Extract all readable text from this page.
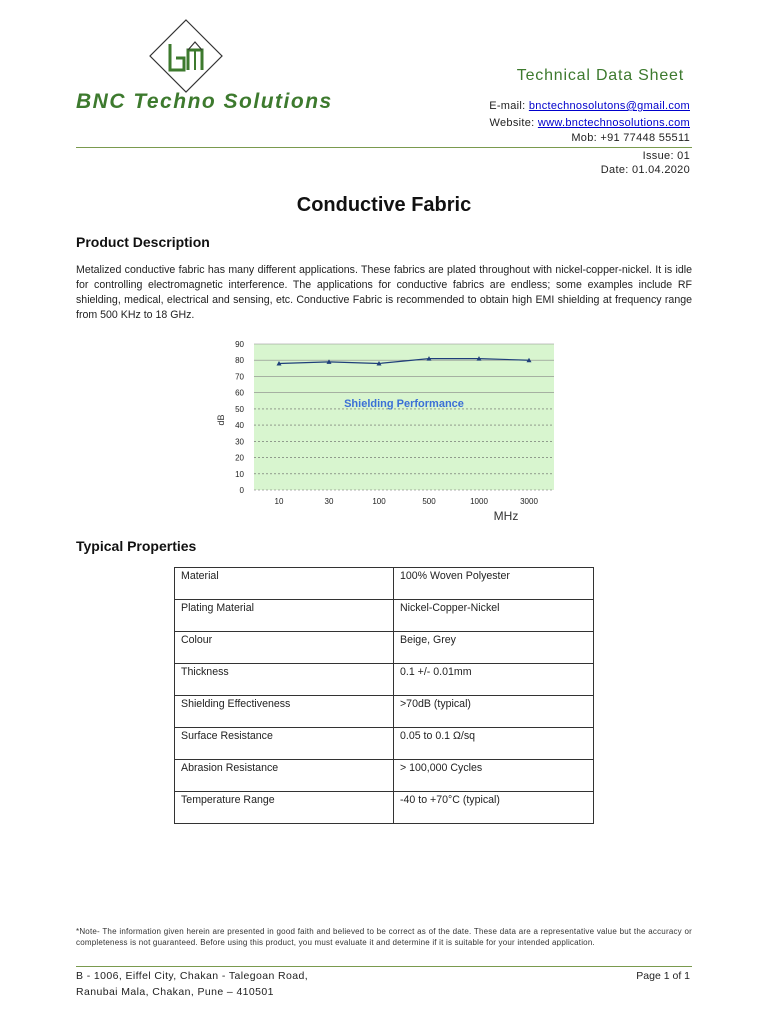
BNC Techno Solutions
Technical Data Sheet
E-mail: bnctechnosolutons@gmail.com
Website: www.bnctechnosolutions.com
Mob: +91 77448 55511
Issue: 01
Date: 01.04.2020
Conductive Fabric
Product Description
Metalized conductive fabric has many different applications. These fabrics are plated throughout with nickel-copper-nickel. It is idle for controlling electromagnetic interference. The applications for conductive fabrics are endless; some examples include RF shielding, medical, electrical and sensing, etc. Conductive Fabric is recommended to obtain high EMI shielding at frequency range from 500 KHz to 18 GHz.
0
10
20
30
40
50
60
70
80
90
10	30	100	500	1000	3000
dB
MHz
Shielding Performance
Typical Properties
Material	100% Woven Polyester
Plating Material	Nickel-Copper-Nickel
Colour	Beige, Grey
Thickness	0.1 +/- 0.01mm
Shielding Effectiveness	>70dB (typical)
Surface Resistance	0.05 to 0.1 Ω/sq
Abrasion Resistance	> 100,000 Cycles
Temperature Range	-40 to +70°C (typical)
*Note- The information given herein are presented in good faith and believed to be correct as of the date. These data are a representative value but the accuracy or completeness is not guaranteed. Before using this product, you must evaluate it and determine if it is suitable for your intended application.
B - 1006, Eiffel City, Chakan - Talegoan Road,
Ranubai Mala, Chakan, Pune – 410501
Page 1 of 1
